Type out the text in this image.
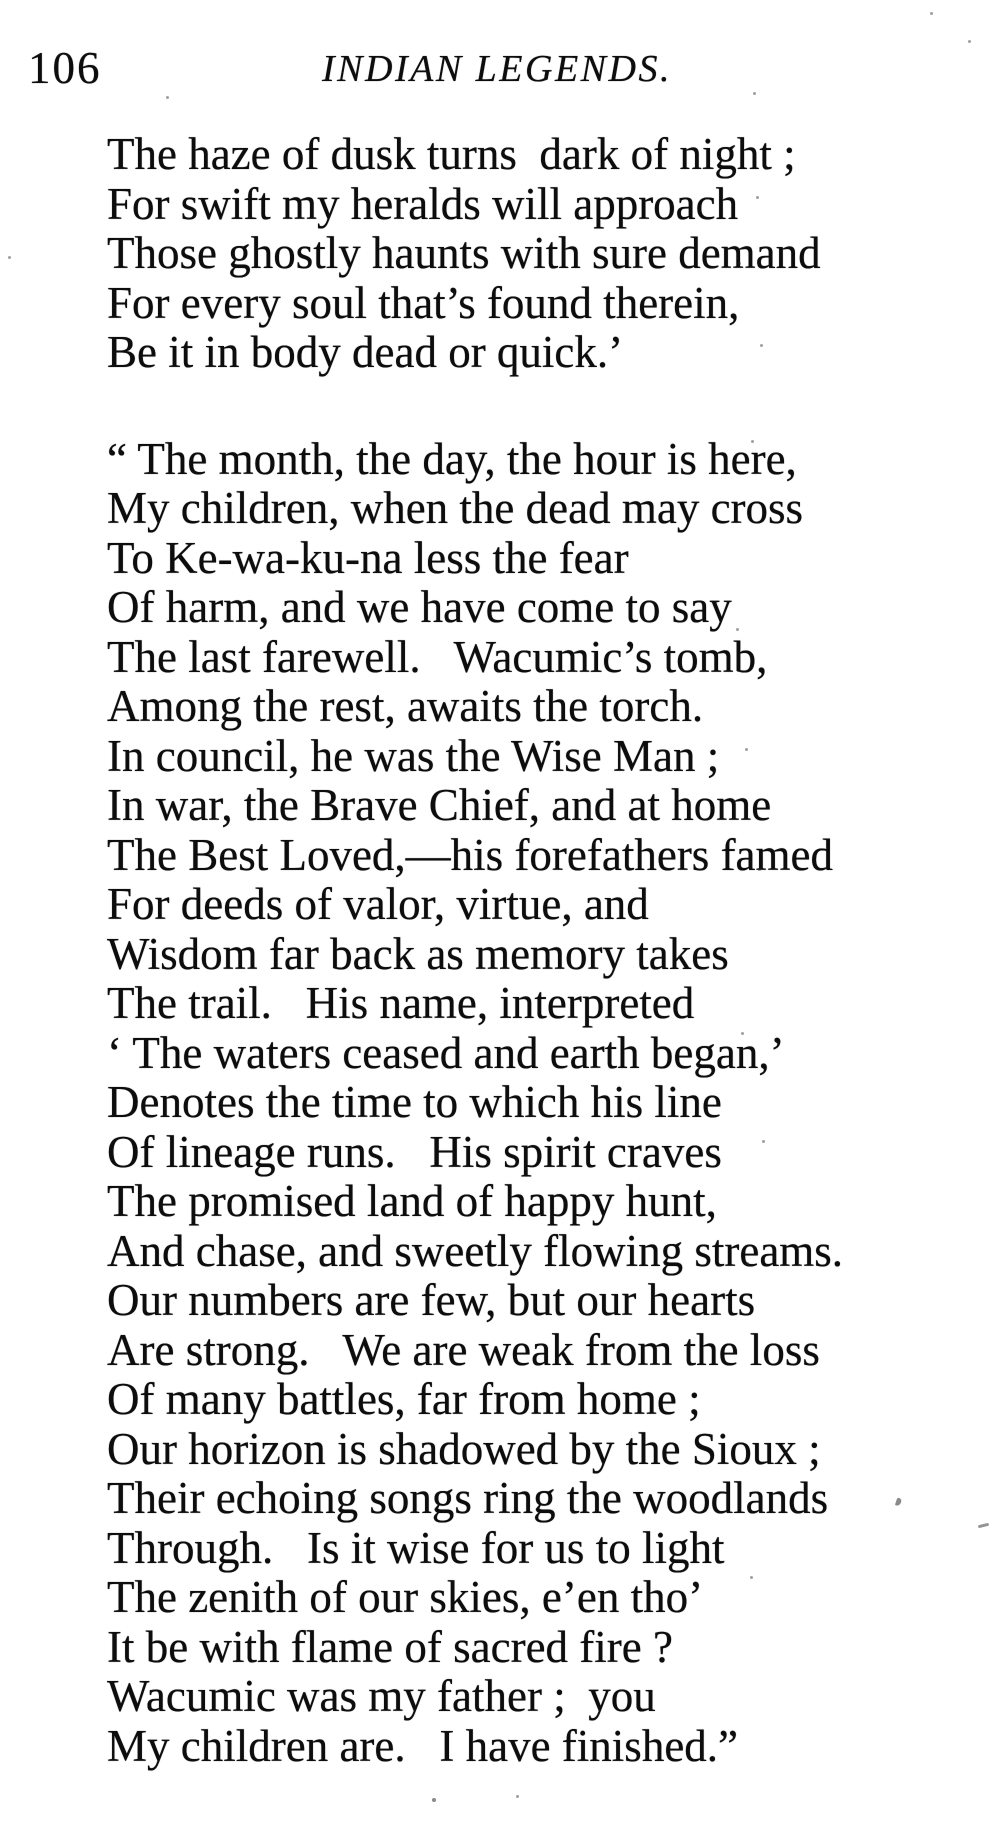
106	INDIAN LEGENDS.
The haze of dusk turns  dark of night ;
For swift my heralds will approach
Those ghostly haunts with sure demand
For every soul that’s found therein,
Be it in body dead or quick.’
“ The month, the day, the hour is here,
My children, when the dead may cross
To Ke-wa-ku-na less the fear
Of harm, and we have come to say
The last farewell.   Wacumic’s tomb,
Among the rest, awaits the torch.
In council, he was the Wise Man ;
In war, the Brave Chief, and at home
The Best Loved,—his forefathers famed
For deeds of valor, virtue, and
Wisdom far back as memory takes
The trail.   His name, interpreted
‘ The waters ceased and earth began,’
Denotes the time to which his line
Of lineage runs.   His spirit craves
The promised land of happy hunt,
And chase, and sweetly flowing streams.
Our numbers are few, but our hearts
Are strong.   We are weak from the loss
Of many battles, far from home ;
Our horizon is shadowed by the Sioux ;
Their echoing songs ring the woodlands
Through.   Is it wise for us to light
The zenith of our skies, e’en tho’
It be with flame of sacred fire ?
Wacumic was my father ;  you
My children are.   I have finished.”
